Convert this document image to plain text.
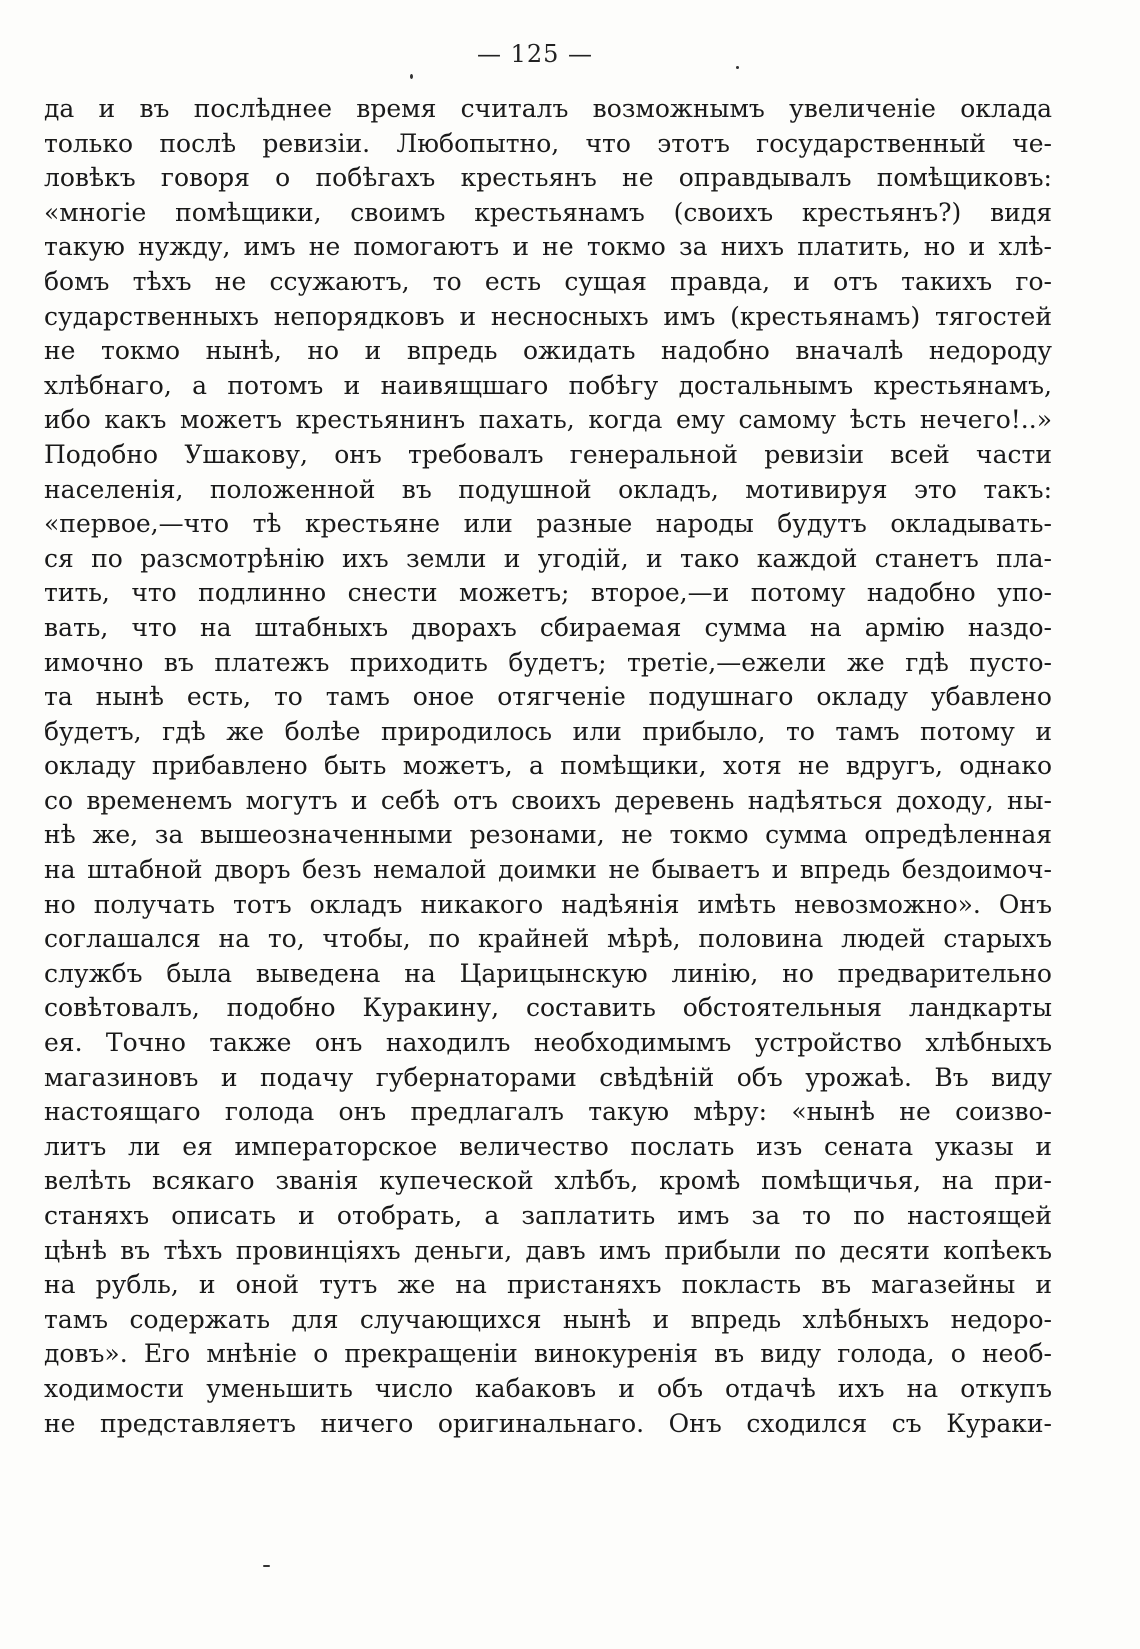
— 125 —
да и въ послѣднее время считалъ возможнымъ увеличеніе оклада
только послѣ ревизіи. Любопытно, что этотъ государственный че-
ловѣкъ говоря о побѣгахъ крестьянъ не оправдывалъ помѣщиковъ:
«многіе помѣщики, своимъ крестьянамъ (своихъ крестьянъ?) видя
такую нужду, имъ не помогаютъ и не токмо за нихъ платить, но и хлѣ-
бомъ тѣхъ не ссужаютъ, то есть сущая правда, и отъ такихъ го-
сударственныхъ непорядковъ и несносныхъ имъ (крестьянамъ) тягостей
не токмо нынѣ, но и впредь ожидать надобно вначалѣ недороду
хлѣбнаго, а потомъ и наивящшаго побѣгу достальнымъ крестьянамъ,
ибо какъ можетъ крестьянинъ пахать, когда ему самому ѣсть нечего!..»
Подобно Ушакову, онъ требовалъ генеральной ревизіи всей части
населенія, положенной въ подушной окладъ, мотивируя это такъ:
«первое,—что тѣ крестьяне или разные народы будутъ окладывать-
ся по разсмотрѣнію ихъ земли и угодій, и тако каждой станетъ пла-
тить, что подлинно снести можетъ; второе,—и потому надобно упо-
вать, что на штабныхъ дворахъ сбираемая сумма на армію наздо-
имочно въ платежъ приходить будетъ; третіе,—ежели же гдѣ пусто-
та нынѣ есть, то тамъ оное отягченіе подушнаго окладу убавлено
будетъ, гдѣ же болѣе природилось или прибыло, то тамъ потому и
окладу прибавлено быть можетъ, а помѣщики, хотя не вдругъ, однако
со временемъ могутъ и себѣ отъ своихъ деревень надѣяться доходу, ны-
нѣ же, за вышеозначенными резонами, не токмо сумма опредѣленная
на штабной дворъ безъ немалой доимки не бываетъ и впредь бездоимоч-
но получать тотъ окладъ никакого надѣянія имѣть невозможно». Онъ
соглашался на то, чтобы, по крайней мѣрѣ, половина людей старыхъ
службъ была выведена на Царицынскую линію, но предварительно
совѣтовалъ, подобно Куракину, составить обстоятельныя ландкарты
ея. Точно также онъ находилъ необходимымъ устройство хлѣбныхъ
магазиновъ и подачу губернаторами свѣдѣній объ урожаѣ. Въ виду
настоящаго голода онъ предлагалъ такую мѣру: «нынѣ не соизво-
литъ ли ея императорское величество послать изъ сената указы и
велѣть всякаго званія купеческой хлѣбъ, кромѣ помѣщичья, на при-
станяхъ описать и отобрать, а заплатить имъ за то по настоящей
цѣнѣ въ тѣхъ провинціяхъ деньги, давъ имъ прибыли по десяти копѣекъ
на рубль, и оной тутъ же на пристаняхъ покласть въ магазейны и
тамъ содержать для случающихся нынѣ и впредь хлѣбныхъ недоро-
довъ». Его мнѣніе о прекращеніи винокуренія въ виду голода, о необ-
ходимости уменьшить число кабаковъ и объ отдачѣ ихъ на откупъ
не представляетъ ничего оригинальнаго. Онъ сходился съ Кураки-
